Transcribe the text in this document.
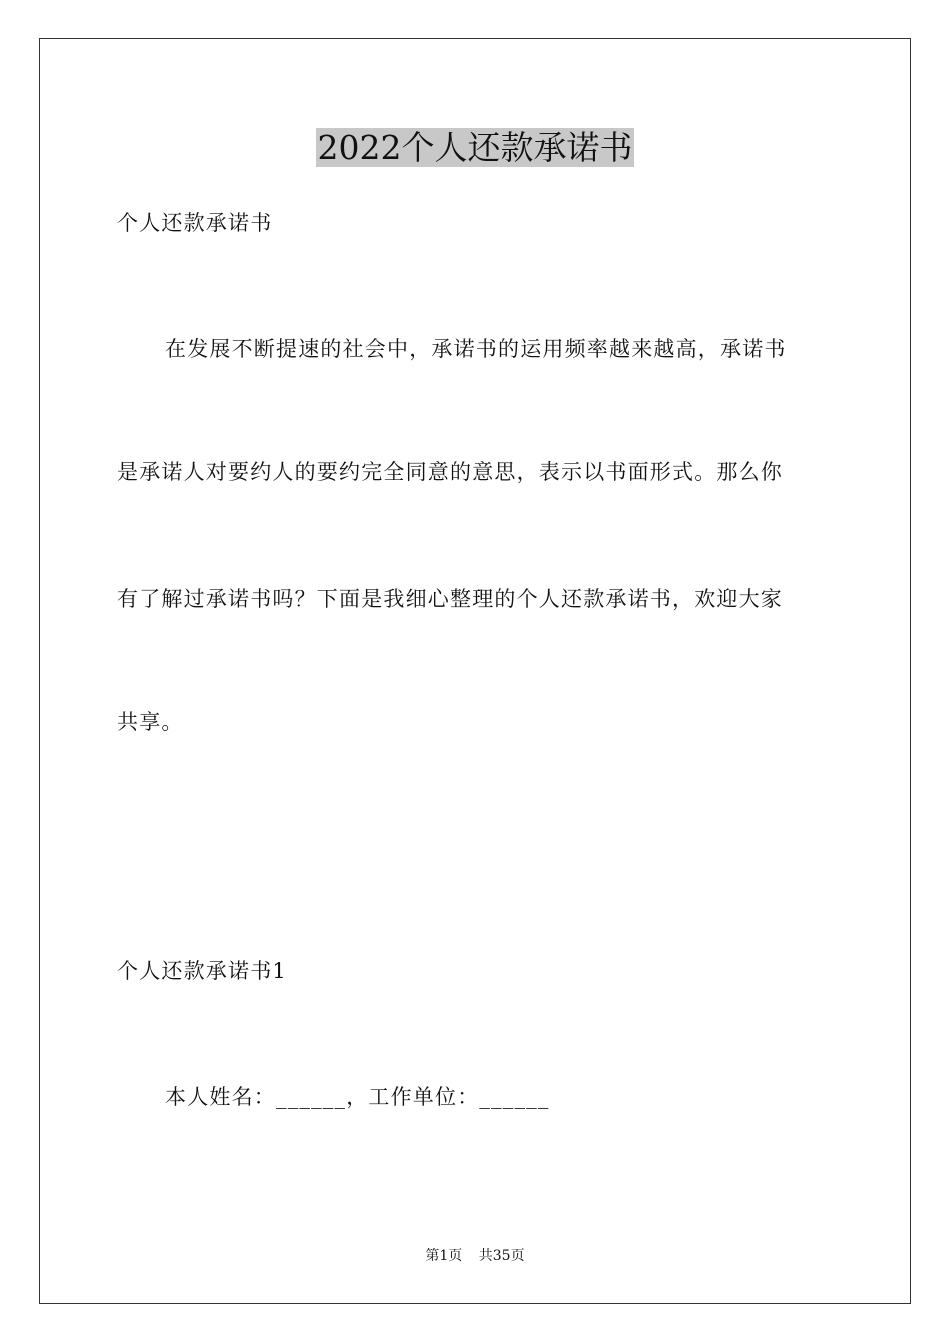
2022个人还款承诺书
个人还款承诺书
在发展不断提速的社会中，承诺书的运用频率越来越高，承诺书
是承诺人对要约人的要约完全同意的意思，表示以书面形式。那么你
有了解过承诺书吗？下面是我细心整理的个人还款承诺书，欢迎大家
共享。
个人还款承诺书1
本人姓名：______，工作单位：______
第1页 共35页
